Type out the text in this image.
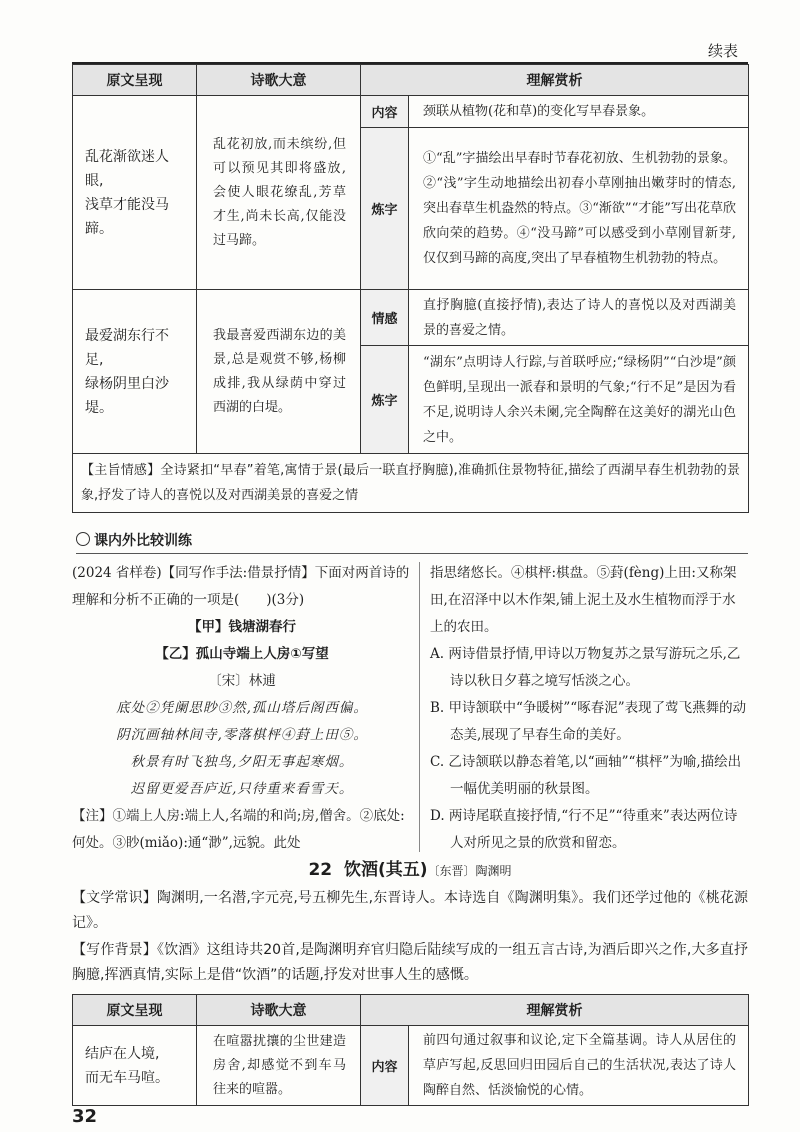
续表
原文呈现	诗歌大意	理解赏析	

乱花渐欲迷人眼,
浅草才能没马蹄。	乱花初放,而未缤纷,但可以预见其即将盛放,会使人眼花缭乱,芳草才生,尚未长高,仅能没过马蹄。	内容	颈联从植物(花和草)的变化写早春景象。
		炼字	①“乱”字描绘出早春时节春花初放、生机勃勃的景象。②“浅”字生动地描绘出初春小草刚抽出嫩芽时的情态,突出春草生机盎然的特点。③“渐欲”“才能”写出花草欣欣向荣的趋势。④“没马蹄”可以感受到小草刚冒新芽,仅仅到马蹄的高度,突出了早春植物生机勃勃的特点。

最爱湖东行不足,
绿杨阴里白沙堤。	我最喜爱西湖东边的美景,总是观赏不够,杨柳成排,我从绿荫中穿过西湖的白堤。	情感	直抒胸臆(直接抒情),表达了诗人的喜悦以及对西湖美景的喜爱之情。
		炼字	“湖东”点明诗人行踪,与首联呼应;“绿杨阴”“白沙堤”颜色鲜明,呈现出一派春和景明的气象;“行不足”是因为看不足,说明诗人余兴未阑,完全陶醉在这美好的湖光山色之中。
【主旨情感】全诗紧扣“早春”着笔,寓情于景(最后一联直抒胸臆),准确抓住景物特征,描绘了西湖早春生机勃勃的景象,抒发了诗人的喜悦以及对西湖美景的喜爱之情			
课内外比较训练
(2024 省样卷)【同写作手法:借景抒情】下面对两首诗的理解和分析不正确的一项是(　　)(3分)
【甲】钱塘湖春行
【乙】孤山寺端上人房①写望
〔宋〕林逋
底处②凭阑思眇③然,孤山塔后阁西偏。
阴沉画轴林间寺,零落棋枰④葑上田⑤。
秋景有时飞独鸟,夕阳无事起寒烟。
迟留更爱吾庐近,只待重来看雪天。
【注】①端上人房:端上人,名端的和尚;房,僧舍。②底处:何处。③眇(miǎo):通“渺”,远貌。此处
指思绪悠长。④棋枰:棋盘。⑤葑(fèng)上田:又称架田,在沼泽中以木作架,铺上泥土及水生植物而浮于水上的农田。
A. 两诗借景抒情,甲诗以万物复苏之景写游玩之乐,乙诗以秋日夕暮之境写恬淡之心。
B. 甲诗颔联中“争暖树”“啄春泥”表现了莺飞燕舞的动态美,展现了早春生命的美好。
C. 乙诗颔联以静态着笔,以“画轴”“棋枰”为喻,描绘出一幅优美明丽的秋景图。
D. 两诗尾联直接抒情,“行不足”“待重来”表达两位诗人对所见之景的欣赏和留恋。
22 饮酒(其五)〔东晋〕陶渊明
【文学常识】陶渊明,一名潜,字元亮,号五柳先生,东晋诗人。本诗选自《陶渊明集》。我们还学过他的《桃花源记》。
【写作背景】《饮酒》这组诗共20首,是陶渊明弃官归隐后陆续写成的一组五言古诗,为酒后即兴之作,大多直抒胸臆,挥洒真情,实际上是借“饮酒”的话题,抒发对世事人生的感慨。
原文呈现	诗歌大意	理解赏析	

结庐在人境,
而无车马喧。	在喧嚣扰攘的尘世建造房舍,却感觉不到车马往来的喧嚣。	内容	前四句通过叙事和议论,定下全篇基调。诗人从居住的草庐写起,反思回归田园后自己的生活状况,表达了诗人陶醉自然、恬淡愉悦的心情。
32
